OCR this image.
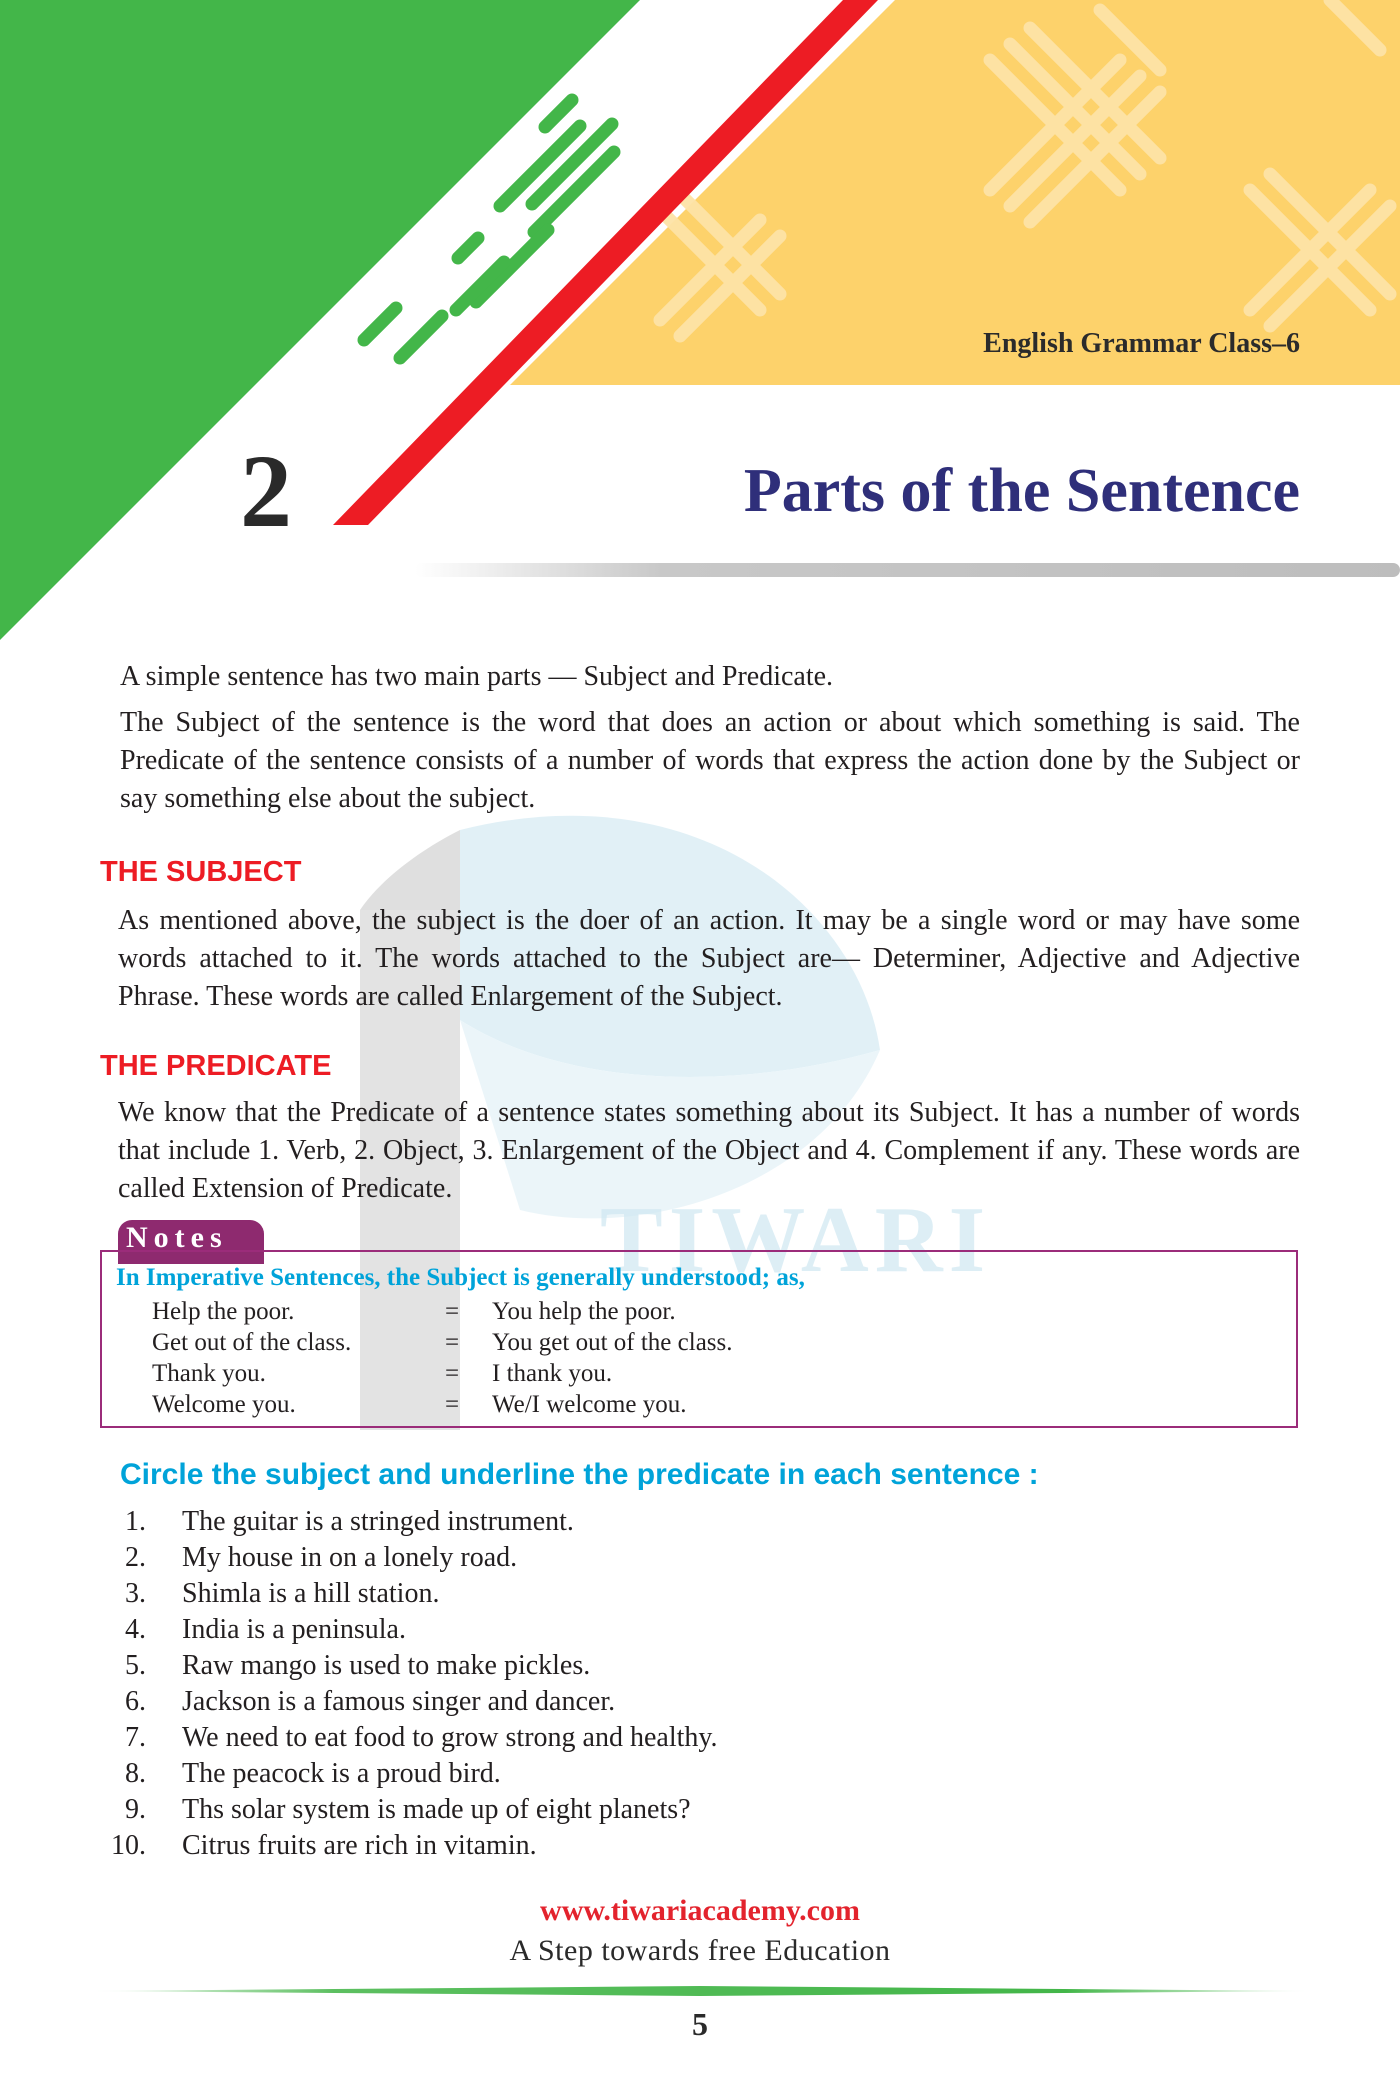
English Grammar Class–6

2	Parts of the Sentence

TIWARI

A simple sentence has two main parts — Subject and Predicate.

The Subject of the sentence is the word that does an action or about which something is said. The Predicate of the sentence consists of a number of words that express the action done by the Subject or say something else about the subject.

THE SUBJECT

As mentioned above, the subject is the doer of an action. It may be a single word or may have some words attached to it. The words attached to the Subject are— Determiner, Adjective and Adjective Phrase. These words are called Enlargement of the Subject.

THE PREDICATE

We know that the Predicate of a sentence states something about its Subject. It has a number of words that include 1. Verb, 2. Object, 3. Enlargement of the Object and 4. Complement if any. These words are called Extension of Predicate.

Notes

In Imperative Sentences, the Subject is generally understood; as,

Help the poor.	=	You help the poor.
Get out of the class.	=	You get out of the class.
Thank you.	=	I thank you.
Welcome you.	=	We/I welcome you.
Circle the subject and underline the predicate in each sentence :
1. The guitar is a stringed instrument.
2. My house in on a lonely road.
3. Shimla is a hill station.
4. India is a peninsula.
5. Raw mango is used to make pickles.
6. Jackson is a famous singer and dancer.
7. We need to eat food to grow strong and healthy.
8. The peacock is a proud bird.
9. Ths solar system is made up of eight planets?
10. Citrus fruits are rich in vitamin.

www.tiwariacademy.com

A Step towards free Education

5
